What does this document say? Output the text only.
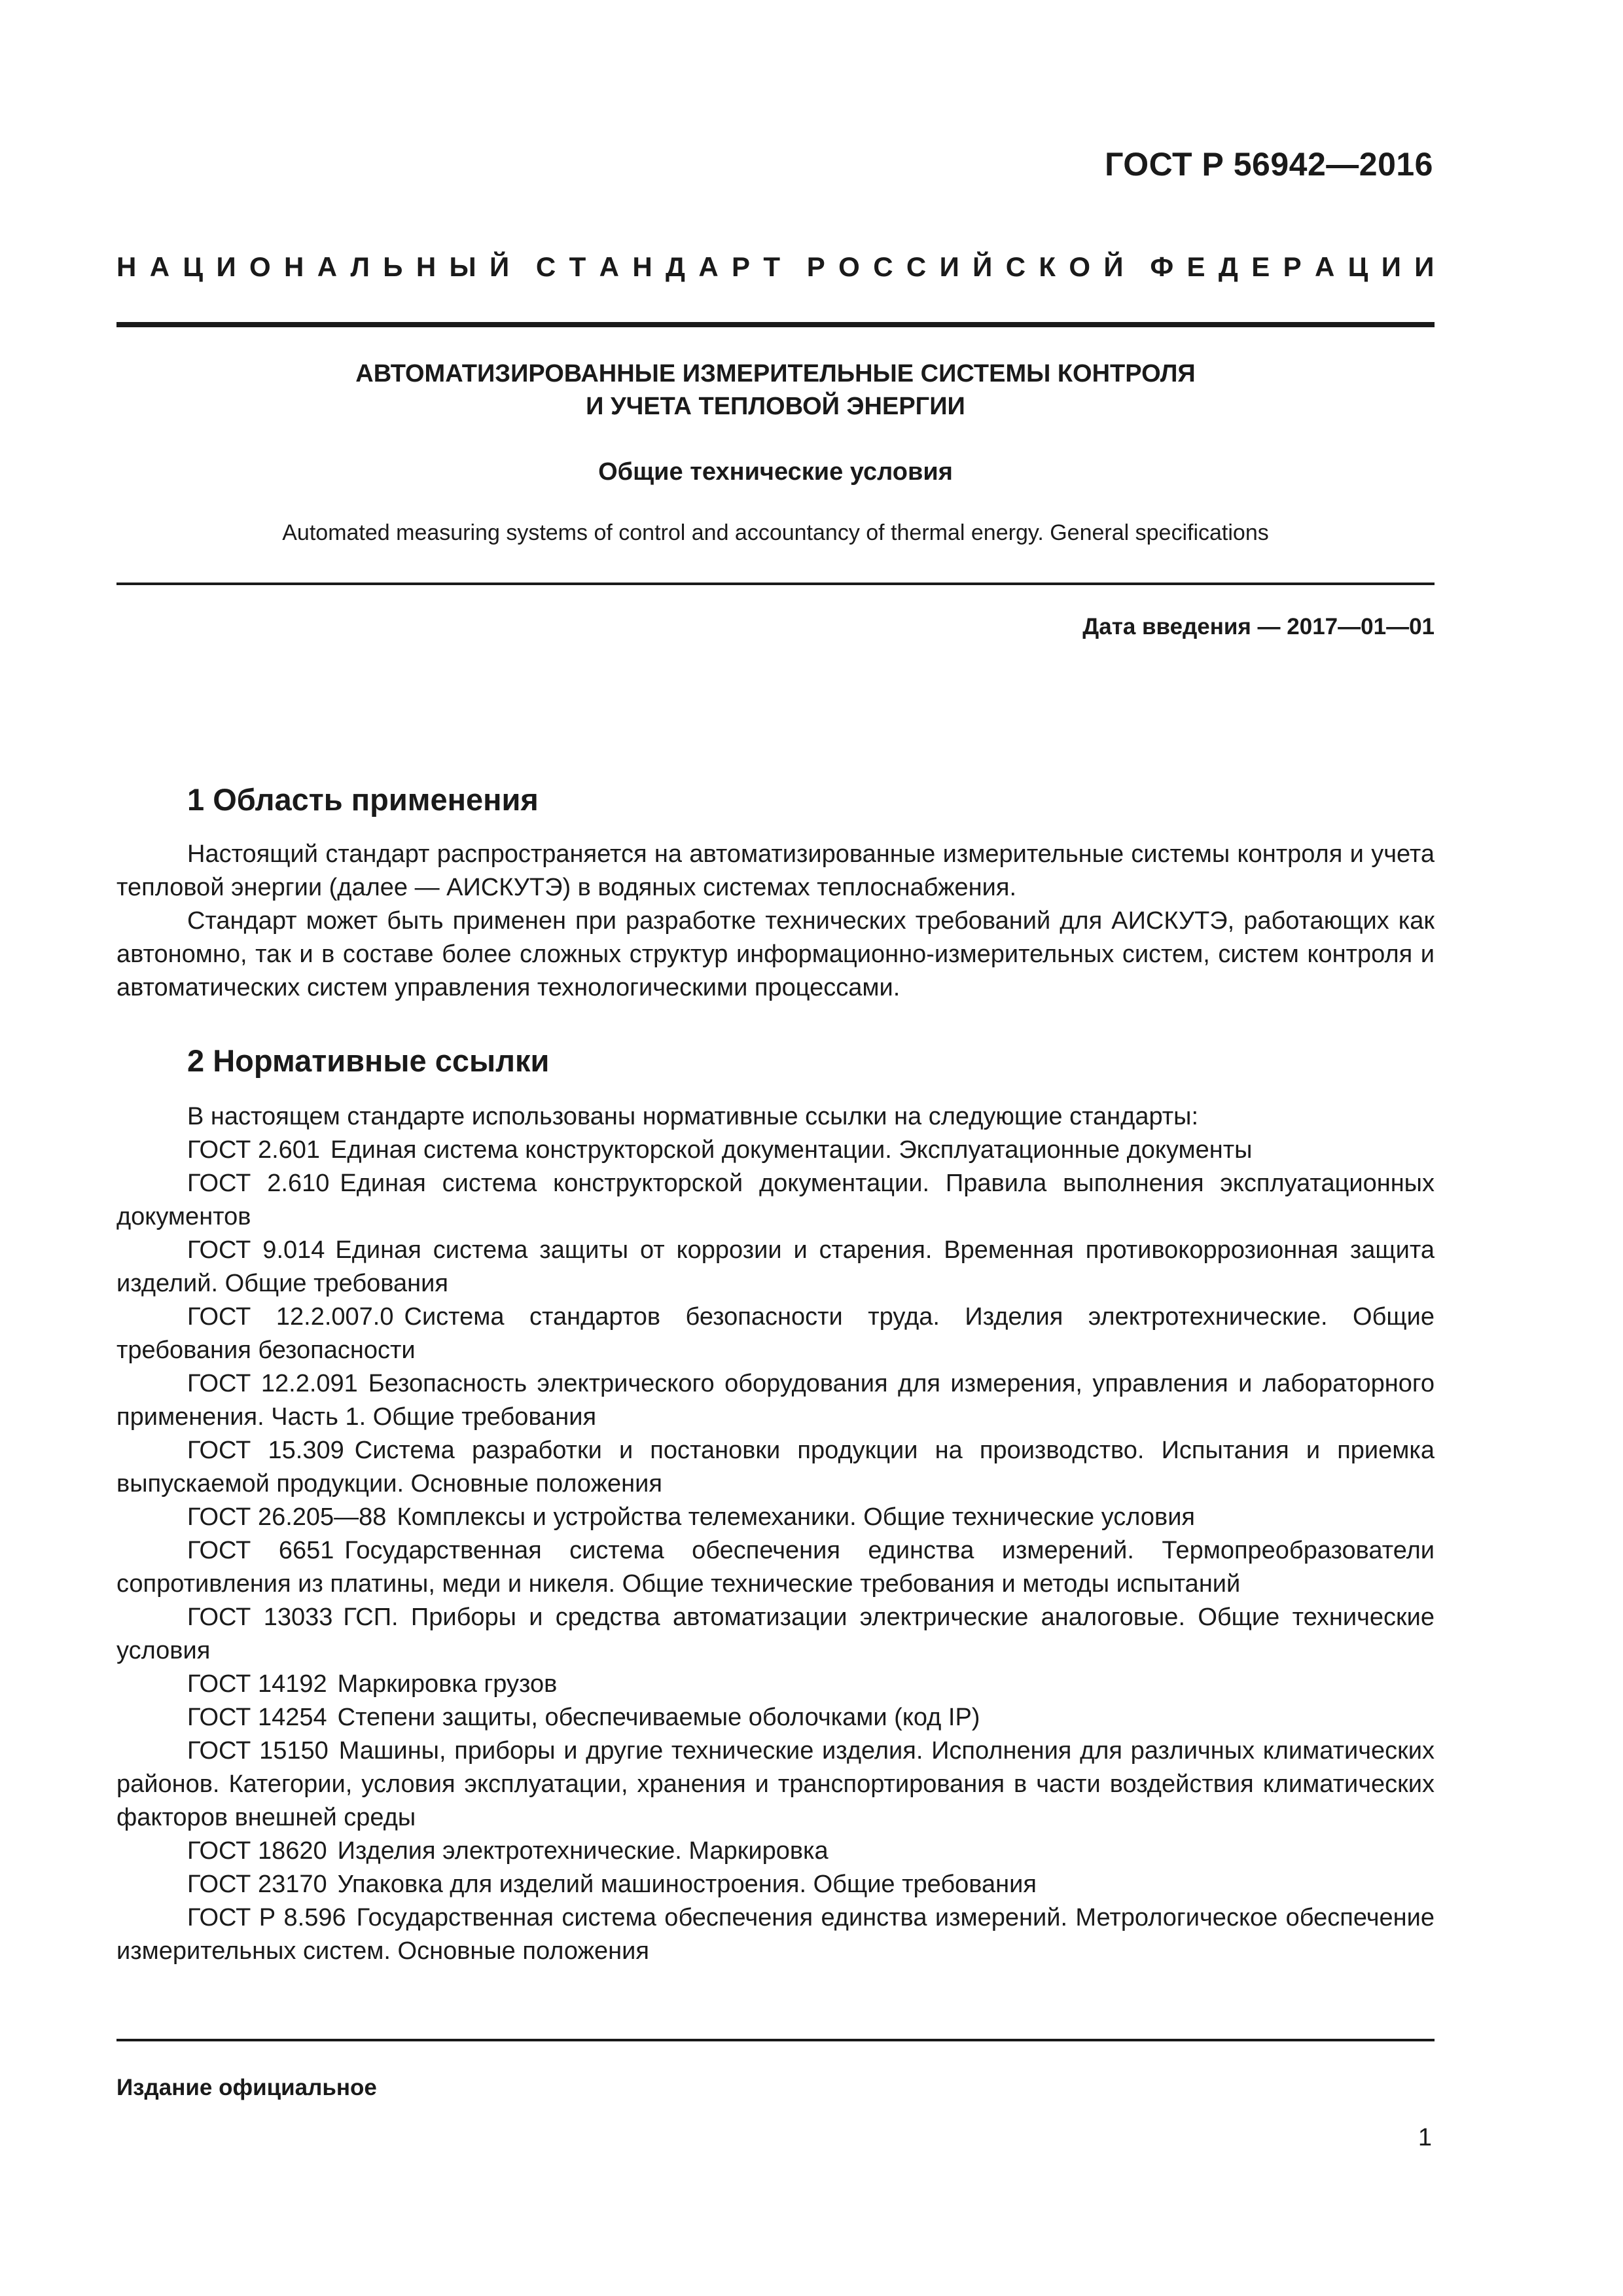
ГОСТ Р 56942—2016
Н А Ц И О Н А Л Ь Н Ы Й С Т А Н Д А Р Т Р О С С И Й С К О Й Ф Е Д Е Р А Ц И И
АВТОМАТИЗИРОВАННЫЕ ИЗМЕРИТЕЛЬНЫЕ СИСТЕМЫ КОНТРОЛЯ
И УЧЕТА ТЕПЛОВОЙ ЭНЕРГИИ
Общие технические условия
Automated measuring systems of control and accountancy of thermal energy. General specifications
Дата введения — 2017—01—01
1 Область применения

Настоящий стандарт распространяется на автоматизированные измерительные системы контроля и учета тепловой энергии (далее — АИСКУТЭ) в водяных системах теплоснабжения.

Стандарт может быть применен при разработке технических требований для АИСКУТЭ, работающих как автономно, так и в составе более сложных структур информационно-измерительных систем, систем контроля и автоматических систем управления технологическими процессами.

2 Нормативные ссылки

В настоящем стандарте использованы нормативные ссылки на следующие стандарты:

ГОСТ 2.601 Единая система конструкторской документации. Эксплуатационные документы

ГОСТ 2.610 Единая система конструкторской документации. Правила выполнения эксплуатационных документов

ГОСТ 9.014 Единая система защиты от коррозии и старения. Временная противокоррозионная защита изделий. Общие требования

ГОСТ 12.2.007.0 Система стандартов безопасности труда. Изделия электротехнические. Общие требования безопасности

ГОСТ 12.2.091 Безопасность электрического оборудования для измерения, управления и лабораторного применения. Часть 1. Общие требования

ГОСТ 15.309 Система разработки и постановки продукции на производство. Испытания и приемка выпускаемой продукции. Основные положения

ГОСТ 26.205—88 Комплексы и устройства телемеханики. Общие технические условия

ГОСТ 6651 Государственная система обеспечения единства измерений. Термопреобразователи сопротивления из платины, меди и никеля. Общие технические требования и методы испытаний

ГОСТ 13033 ГСП. Приборы и средства автоматизации электрические аналоговые. Общие технические условия

ГОСТ 14192 Маркировка грузов

ГОСТ 14254 Степени защиты, обеспечиваемые оболочками (код IP)

ГОСТ 15150 Машины, приборы и другие технические изделия. Исполнения для различных климатических районов. Категории, условия эксплуатации, хранения и транспортирования в части воздействия климатических факторов внешней среды

ГОСТ 18620 Изделия электротехнические. Маркировка

ГОСТ 23170 Упаковка для изделий машиностроения. Общие требования

ГОСТ Р 8.596 Государственная система обеспечения единства измерений. Метрологическое обеспечение измерительных систем. Основные положения

Издание официальное
1
